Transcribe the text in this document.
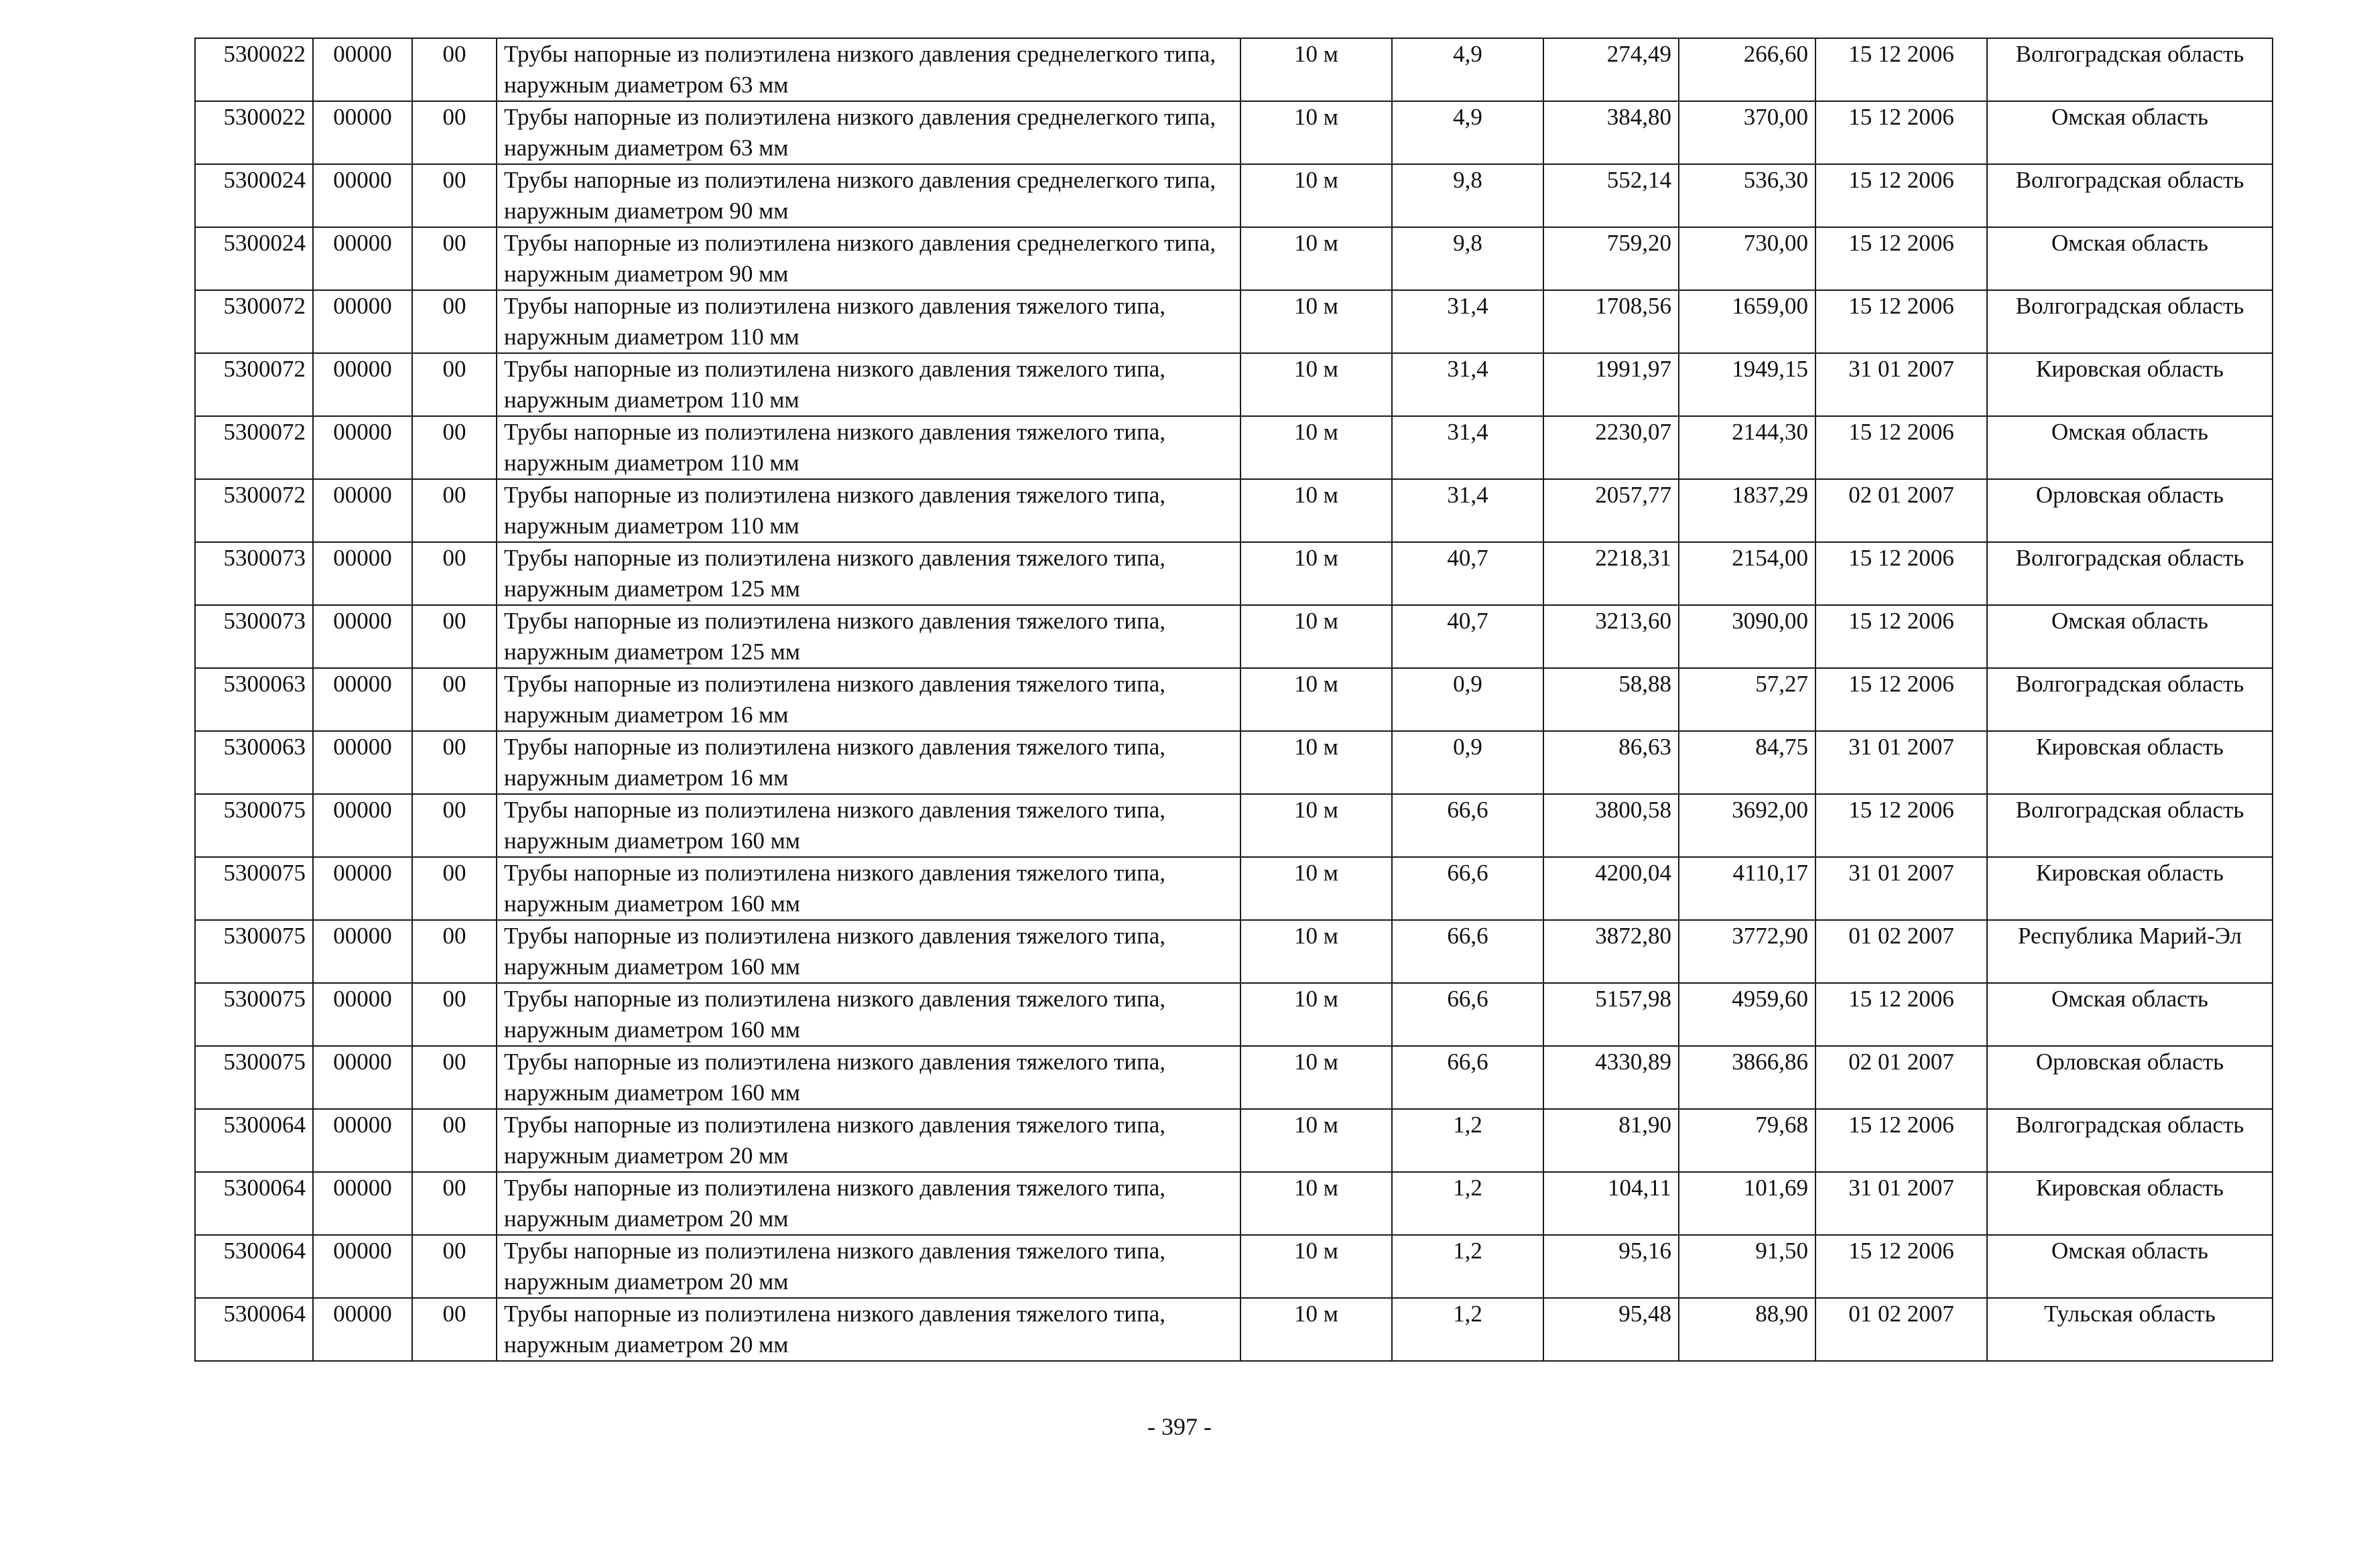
5300022	00000	00	Трубы напорные из полиэтилена низкого давления среднелегкого типа, наружным диаметром 63 мм	10 м	4,9	274,49	266,60	15 12 2006	Волгоградская область
5300022	00000	00	Трубы напорные из полиэтилена низкого давления среднелегкого типа, наружным диаметром 63 мм	10 м	4,9	384,80	370,00	15 12 2006	Омская область
5300024	00000	00	Трубы напорные из полиэтилена низкого давления среднелегкого типа, наружным диаметром 90 мм	10 м	9,8	552,14	536,30	15 12 2006	Волгоградская область
5300024	00000	00	Трубы напорные из полиэтилена низкого давления среднелегкого типа, наружным диаметром 90 мм	10 м	9,8	759,20	730,00	15 12 2006	Омская область
5300072	00000	00	Трубы напорные из полиэтилена низкого давления тяжелого типа, наружным диаметром 110 мм	10 м	31,4	1708,56	1659,00	15 12 2006	Волгоградская область
5300072	00000	00	Трубы напорные из полиэтилена низкого давления тяжелого типа, наружным диаметром 110 мм	10 м	31,4	1991,97	1949,15	31 01 2007	Кировская область
5300072	00000	00	Трубы напорные из полиэтилена низкого давления тяжелого типа, наружным диаметром 110 мм	10 м	31,4	2230,07	2144,30	15 12 2006	Омская область
5300072	00000	00	Трубы напорные из полиэтилена низкого давления тяжелого типа, наружным диаметром 110 мм	10 м	31,4	2057,77	1837,29	02 01 2007	Орловская область
5300073	00000	00	Трубы напорные из полиэтилена низкого давления тяжелого типа, наружным диаметром 125 мм	10 м	40,7	2218,31	2154,00	15 12 2006	Волгоградская область
5300073	00000	00	Трубы напорные из полиэтилена низкого давления тяжелого типа, наружным диаметром 125 мм	10 м	40,7	3213,60	3090,00	15 12 2006	Омская область
5300063	00000	00	Трубы напорные из полиэтилена низкого давления тяжелого типа, наружным диаметром 16 мм	10 м	0,9	58,88	57,27	15 12 2006	Волгоградская область
5300063	00000	00	Трубы напорные из полиэтилена низкого давления тяжелого типа, наружным диаметром 16 мм	10 м	0,9	86,63	84,75	31 01 2007	Кировская область
5300075	00000	00	Трубы напорные из полиэтилена низкого давления тяжелого типа, наружным диаметром 160 мм	10 м	66,6	3800,58	3692,00	15 12 2006	Волгоградская область
5300075	00000	00	Трубы напорные из полиэтилена низкого давления тяжелого типа, наружным диаметром 160 мм	10 м	66,6	4200,04	4110,17	31 01 2007	Кировская область
5300075	00000	00	Трубы напорные из полиэтилена низкого давления тяжелого типа, наружным диаметром 160 мм	10 м	66,6	3872,80	3772,90	01 02 2007	Республика Марий-Эл
5300075	00000	00	Трубы напорные из полиэтилена низкого давления тяжелого типа, наружным диаметром 160 мм	10 м	66,6	5157,98	4959,60	15 12 2006	Омская область
5300075	00000	00	Трубы напорные из полиэтилена низкого давления тяжелого типа, наружным диаметром 160 мм	10 м	66,6	4330,89	3866,86	02 01 2007	Орловская область
5300064	00000	00	Трубы напорные из полиэтилена низкого давления тяжелого типа, наружным диаметром 20 мм	10 м	1,2	81,90	79,68	15 12 2006	Волгоградская область
5300064	00000	00	Трубы напорные из полиэтилена низкого давления тяжелого типа, наружным диаметром 20 мм	10 м	1,2	104,11	101,69	31 01 2007	Кировская область
5300064	00000	00	Трубы напорные из полиэтилена низкого давления тяжелого типа, наружным диаметром 20 мм	10 м	1,2	95,16	91,50	15 12 2006	Омская область
5300064	00000	00	Трубы напорные из полиэтилена низкого давления тяжелого типа, наружным диаметром 20 мм	10 м	1,2	95,48	88,90	01 02 2007	Тульская область
- 397 -
